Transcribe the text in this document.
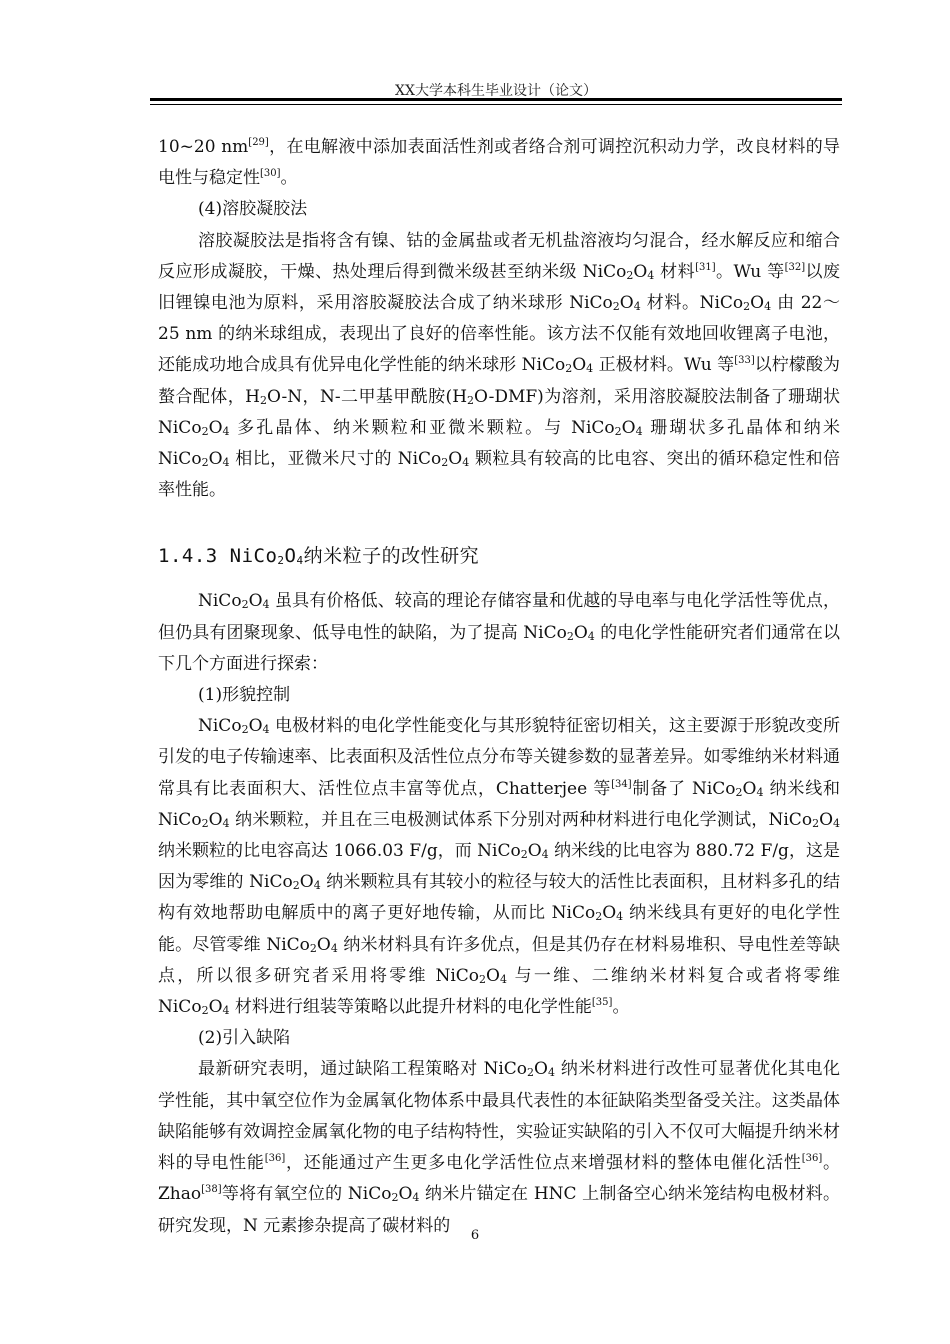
XX大学本科生毕业设计（论文）

10~20 nm[29]，在电解液中添加表面活性剂或者络合剂可调控沉积动力学，改良材料的导电性与稳定性[30]。

(4)溶胶凝胶法

溶胶凝胶法是指将含有镍、钴的金属盐或者无机盐溶液均匀混合，经水解反应和缩合反应形成凝胶，干燥、热处理后得到微米级甚至纳米级 $NiCo_2O_4$ 材料[31]。Wu 等[32]以废旧锂镍电池为原料，采用溶胶凝胶法合成了纳米球形 $NiCo_2O_4$ 材料。$NiCo_2O_4$ 由 22～25 nm 的纳米球组成，表现出了良好的倍率性能。该方法不仅能有效地回收锂离子电池，还能成功地合成具有优异电化学性能的纳米球形 $NiCo_2O_4$ 正极材料。Wu 等[33]以柠檬酸为螯合配体，$H_2O-N$，N-二甲基甲酰胺$(H_2O-DMF)$为溶剂，采用溶胶凝胶法制备了珊瑚状 $NiCo_2O_4$ 多孔晶体、纳米颗粒和亚微米颗粒。与 $NiCo_2O_4$ 珊瑚状多孔晶体和纳米 $NiCo_2O_4$ 相比，亚微米尺寸的 $NiCo_2O_4$ 颗粒具有较高的比电容、突出的循环稳定性和倍率性能。

1.4.3 $NiCo_2O_4$纳米粒子的改性研究

$NiCo_2O_4$ 虽具有价格低、较高的理论存储容量和优越的导电率与电化学活性等优点，但仍具有团聚现象、低导电性的缺陷，为了提高 $NiCo_2O_4$ 的电化学性能研究者们通常在以下几个方面进行探索：

(1)形貌控制

$NiCo_2O_4$ 电极材料的电化学性能变化与其形貌特征密切相关，这主要源于形貌改变所引发的电子传输速率、比表面积及活性位点分布等关键参数的显著差异。如零维纳米材料通常具有比表面积大、活性位点丰富等优点，Chatterjee 等[34]制备了 $NiCo_2O_4$ 纳米线和 $NiCo_2O_4$ 纳米颗粒，并且在三电极测试体系下分别对两种材料进行电化学测试，$NiCo_2O_4$ 纳米颗粒的比电容高达 1066.03 F/g，而 $NiCo_2O_4$ 纳米线的比电容为 880.72 F/g，这是因为零维的 $NiCo_2O_4$ 纳米颗粒具有其较小的粒径与较大的活性比表面积，且材料多孔的结构有效地帮助电解质中的离子更好地传输，从而比 $NiCo_2O_4$ 纳米线具有更好的电化学性能。尽管零维 $NiCo_2O_4$ 纳米材料具有许多优点，但是其仍存在材料易堆积、导电性差等缺点，所以很多研究者采用将零维 $NiCo_2O_4$ 与一维、二维纳米材料复合或者将零维 $NiCo_2O_4$ 材料进行组装等策略以此提升材料的电化学性能[35]。

(2)引入缺陷

最新研究表明，通过缺陷工程策略对 $NiCo_2O_4$ 纳米材料进行改性可显著优化其电化学性能，其中氧空位作为金属氧化物体系中最具代表性的本征缺陷类型备受关注。这类晶体缺陷能够有效调控金属氧化物的电子结构特性，实验证实缺陷的引入不仅可大幅提升纳米材料的导电性能[36]，还能通过产生更多电化学活性位点来增强材料的整体电催化活性[36]。Zhao[38]等将有氧空位的 $NiCo_2O_4$ 纳米片锚定在 HNC 上制备空心纳米笼结构电极材料。研究发现，N 元素掺杂提高了碳材料的	6
